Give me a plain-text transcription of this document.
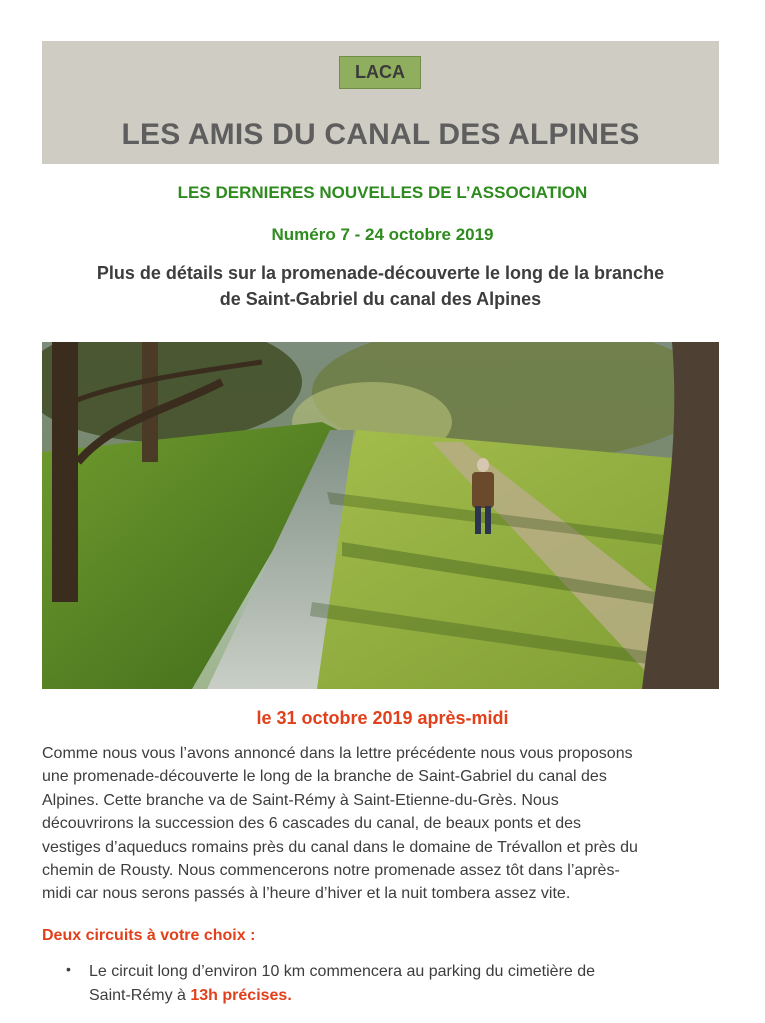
LACA
LES AMIS DU CANAL DES ALPINES
LES DERNIERES NOUVELLES DE L’ASSOCIATION
Numéro 7 - 24 octobre 2019
Plus de détails sur la promenade-découverte le long de la branche
de Saint-Gabriel du canal des Alpines
le 31 octobre 2019 après-midi
Comme nous vous l’avons annoncé dans la lettre précédente nous vous proposons
une promenade-découverte le long de la branche de Saint-Gabriel du canal des
Alpines. Cette branche va de Saint-Rémy à Saint-Etienne-du-Grès. Nous
découvrirons la succession des 6 cascades du canal, de beaux ponts et des
vestiges d’aqueducs romains près du canal dans le domaine de Trévallon et près du
chemin de Rousty. Nous commencerons notre promenade assez tôt dans l’après-
midi car nous serons passés à l’heure d’hiver et la nuit tombera assez vite.
Deux circuits à votre choix :
• Le circuit long d’environ 10 km commencera au parking du cimetière de
Saint-Rémy à 13h précises.
